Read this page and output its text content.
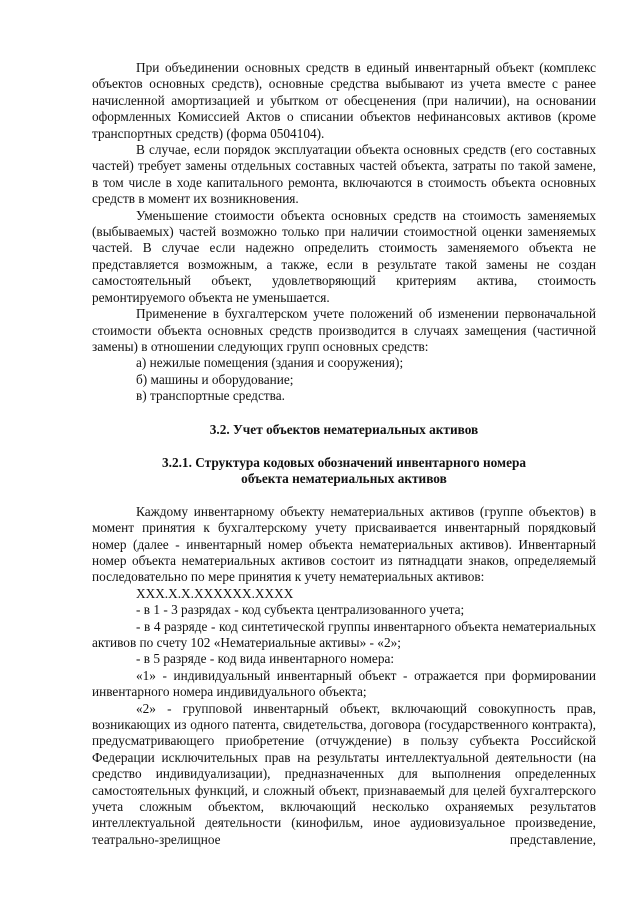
При объединении основных средств в единый инвентарный объект (комплекс объектов основных средств), основные средства выбывают из учета вместе с ранее начисленной амортизацией и убытком от обесценения (при наличии), на основании оформленных Комиссией Актов о списании объектов нефинансовых активов (кроме транспортных средств) (форма 0504104).

В случае, если порядок эксплуатации объекта основных средств (его составных частей) требует замены отдельных составных частей объекта, затраты по такой замене, в том числе в ходе капитального ремонта, включаются в стоимость объекта основных средств в момент их возникновения.

Уменьшение стоимости объекта основных средств на стоимость заменяемых (выбываемых) частей возможно только при наличии стоимостной оценки заменяемых частей. В случае если надежно определить стоимость заменяемого объекта не представляется возможным, а также, если в результате такой замены не создан самостоятельный объект, удовлетворяющий критериям актива, стоимость ремонтируемого объекта не уменьшается.

Применение в бухгалтерском учете положений об изменении первоначальной стоимости объекта основных средств производится в случаях замещения (частичной замены) в отношении следующих групп основных средств:

а) нежилые помещения (здания и сооружения);

б) машины и оборудование;

в) транспортные средства.

3.2. Учет объектов нематериальных активов

3.2.1. Структура кодовых обозначений инвентарного номера

объекта нематериальных активов

Каждому инвентарному объекту нематериальных активов (группе объектов) в момент принятия к бухгалтерскому учету присваивается инвентарный порядковый номер (далее - инвентарный номер объекта нематериальных активов). Инвентарный номер объекта нематериальных активов состоит из пятнадцати знаков, определяемый последовательно по мере принятия к учету нематериальных активов:

ХХХ.Х.Х.ХХХХХХ.ХХХХ

- в 1 - 3 разрядах - код субъекта централизованного учета;

- в 4 разряде - код синтетической группы инвентарного объекта нематериальных активов по счету 102 «Нематериальные активы» - «2»;

- в 5 разряде - код вида инвентарного номера:

«1» - индивидуальный инвентарный объект - отражается при формировании инвентарного номера индивидуального объекта;

«2» - групповой инвентарный объект, включающий совокупность прав, возникающих из одного патента, свидетельства, договора (государственного контракта), предусматривающего приобретение (отчуждение) в пользу субъекта Российской Федерации исключительных прав на результаты интеллектуальной деятельности (на средство индивидуализации), предназначенных для выполнения определенных самостоятельных функций, и сложный объект, признаваемый для целей бухгалтерского учета сложным объектом, включающий несколько охраняемых результатов интеллектуальной деятельности (кинофильм, иное аудиовизуальное произведение, театрально-зрелищное представление,
